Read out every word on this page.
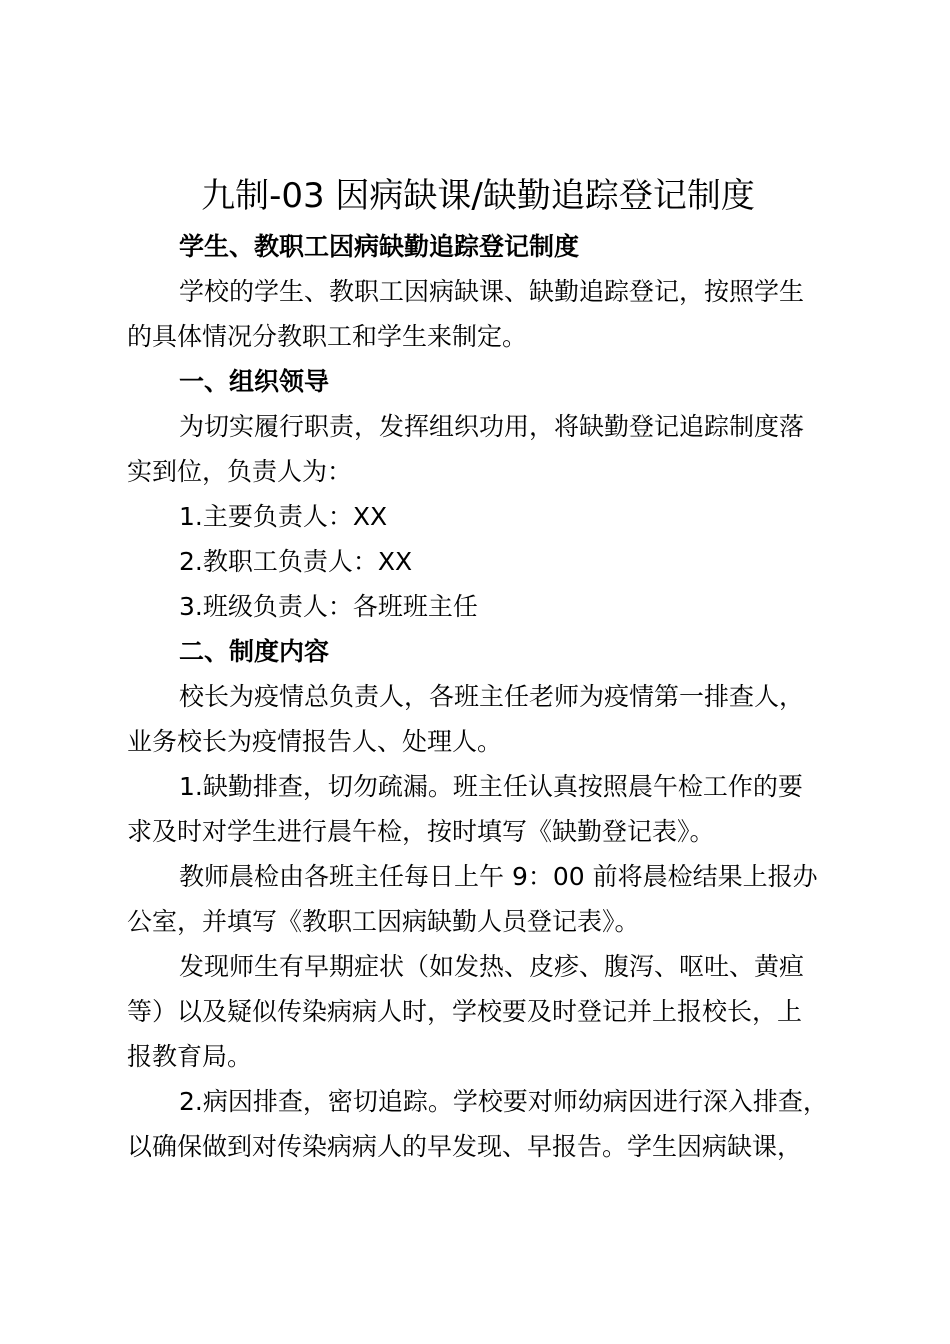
九制-03 因病缺课/缺勤追踪登记制度
学生、教职工因病缺勤追踪登记制度
学校的学生、教职工因病缺课、缺勤追踪登记，按照学生
的具体情况分教职工和学生来制定。
一、组织领导
为切实履行职责，发挥组织功用，将缺勤登记追踪制度落
实到位，负责人为：
1.主要负责人：XX
2.教职工负责人：XX
3.班级负责人：各班班主任
二、制度内容
校长为疫情总负责人，各班主任老师为疫情第一排查人，
业务校长为疫情报告人、处理人。
1.缺勤排查，切勿疏漏。班主任认真按照晨午检工作的要
求及时对学生进行晨午检，按时填写《缺勤登记表》。
教师晨检由各班主任每日上午 9：00 前将晨检结果上报办
公室，并填写《教职工因病缺勤人员登记表》。
发现师生有早期症状（如发热、皮疹、腹泻、呕吐、黄疸
等）以及疑似传染病病人时，学校要及时登记并上报校长，上
报教育局。
2.病因排查，密切追踪。学校要对师幼病因进行深入排查，
以确保做到对传染病病人的早发现、早报告。学生因病缺课，
